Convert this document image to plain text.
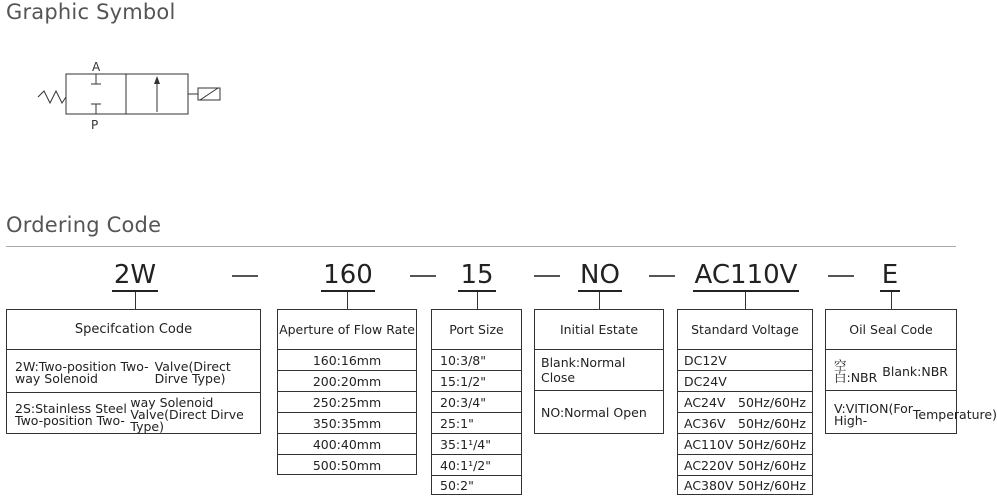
Graphic Symbol
A
P
Ordering Code
2W	160	15	NO	AC110V	E
Specifcation Code
2W:Two-position Two-way Solenoid
Valve(Direct Dirve Type)
2S:Stainless Steel Two-position Two-
way Solenoid Valve(Direct Dirve Type)
Aperture of Flow Rate
160:16mm
200:20mm
250:25mm
350:35mm
400:40mm
500:50mm
Port Size
10:3/8"
15:1/2"
20:3/4"
25:1"
35:1¹/4"
40:1¹/2"
50:2"
Initial Estate
Blank:Normal Close
NO:Normal Open
Standard Voltage
DC12V
DC24V
AC24V 50Hz/60Hz
AC36V 50Hz/60Hz
AC110V 50Hz/60Hz
AC220V 50Hz/60Hz
AC380V 50Hz/60Hz
Oil Seal Code
空白:NBR Blank:NBR
V:VITION(For High-	Temperature)
